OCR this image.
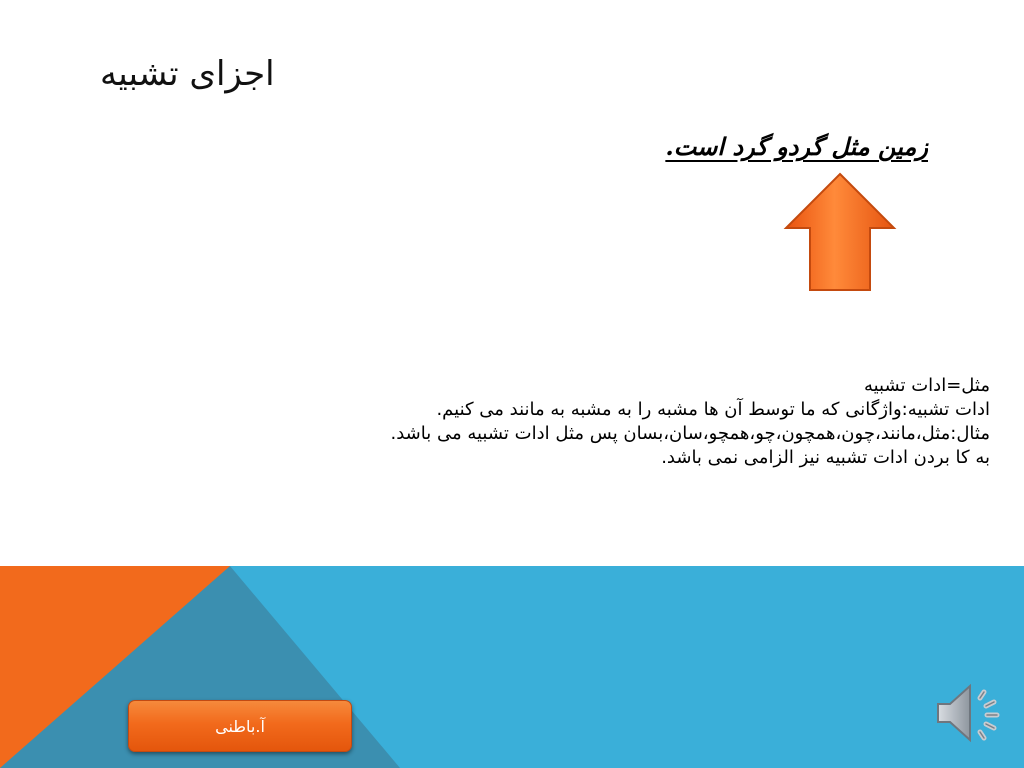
اجزای تشبیه
زمین مثل گردو گرد است.

مثل=ادات تشبیه

ادات تشبیه:واژگانی که ما توسط آن ها مشبه را به مشبه به مانند می کنیم.

مثال:مثل،مانند،چون،همچون،چو،همچو،سان،بسان پس مثل ادات تشبیه می باشد.

به کا بردن ادات تشبیه نیز الزامی نمی باشد.

آ.باطنی
